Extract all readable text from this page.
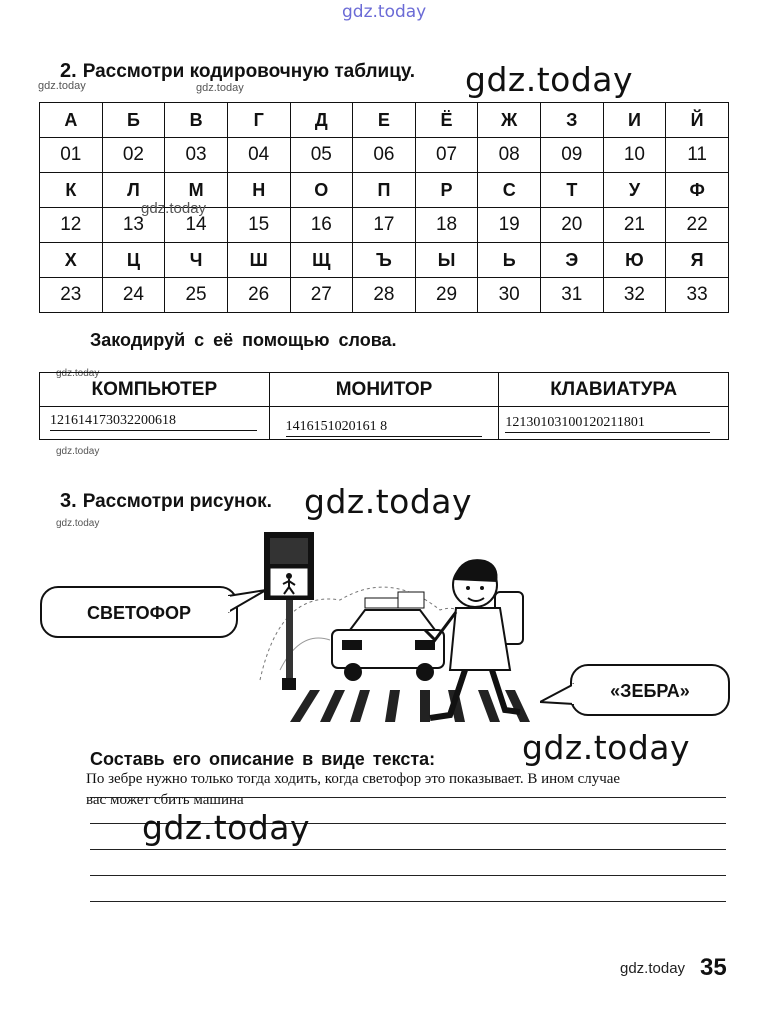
gdz.today
2. Рассмотри кодировочную таблицу. gdz.today
gdz.today	gdz.today
А	Б	В	Г	Д	Е	Ё	Ж	З	И	Й
01	02	03	04	05	06	07	08	09	10	11
К	Л	М	Н	О	П	Р	С	Т	У	Ф
12	13	14	15	16	17	18	19	20	21	22
Х	Ц	Ч	Ш	Щ	Ъ	Ы	Ь	Э	Ю	Я
23	24	25	26	27	28	29	30	31	32	33
gdz.today
Закодируй с её помощью слова.
gdz.today
КОМПЬЮТЕР
121614173032200618
МОНИТОР
1416151020161 8
КЛАВИАТУРА
12130103100120211801
gdz.today
3. Рассмотри рисунок. gdz.today
gdz.today
СВЕТОФОР
«ЗЕБРА»
Составь его описание в виде текста:	gdz.today
По зебре нужно только тогда ходить, когда светофор это показывает. В ином случае
вас может сбить машина
gdz.today
gdz.today 35
